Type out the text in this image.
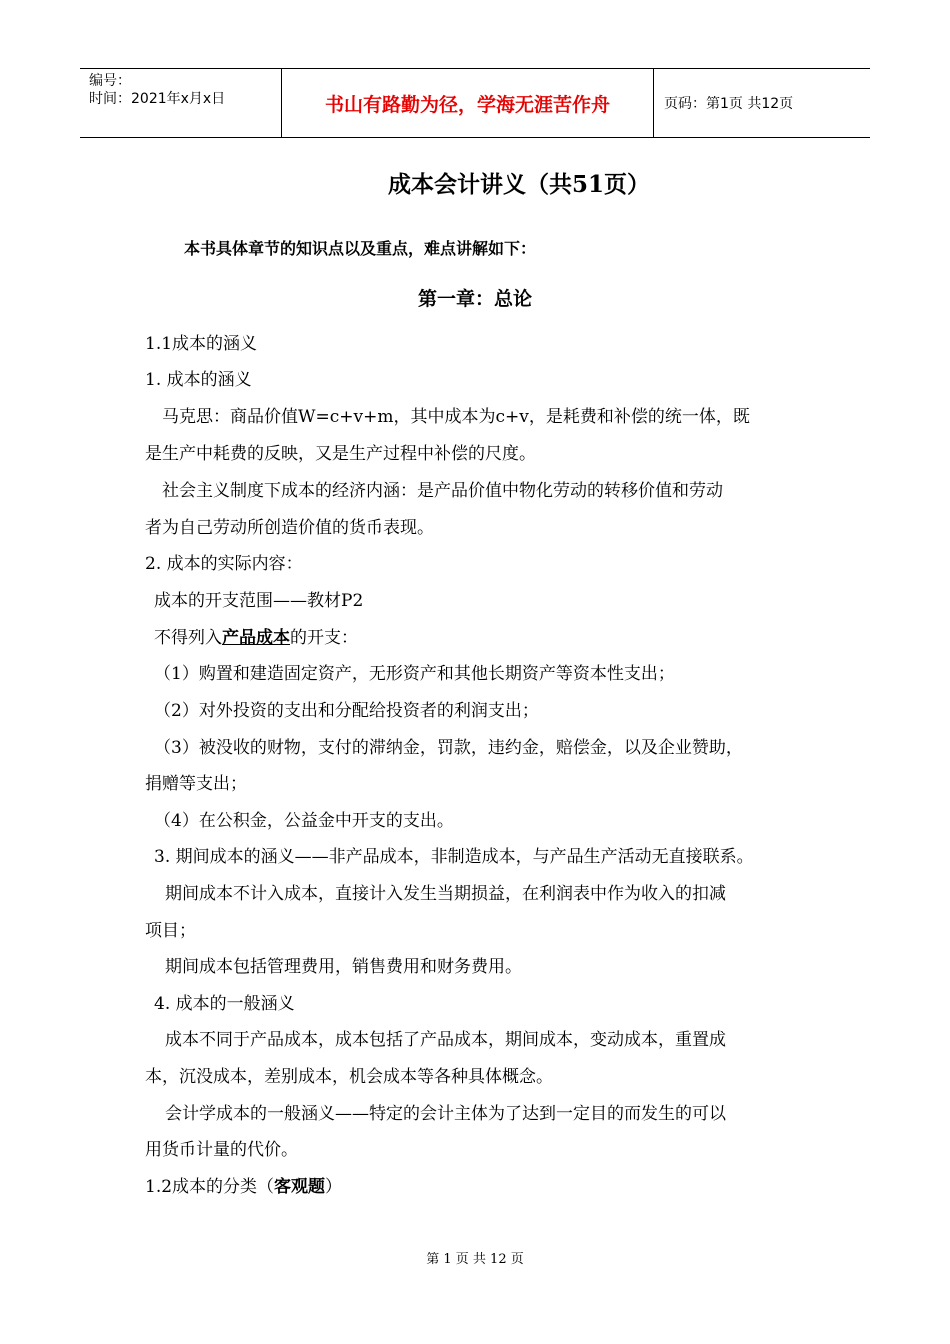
编号：
时间：2021年x月x日	书山有路勤为径，学海无涯苦作舟	页码：第1页 共12页
成本会计讲义（共51页）
本书具体章节的知识点以及重点，难点讲解如下：
第一章：总论
1.1成本的涵义
1. 成本的涵义
马克思：商品价值W=c+v+m，其中成本为c+v，是耗费和补偿的统一体，既
是生产中耗费的反映，又是生产过程中补偿的尺度。
社会主义制度下成本的经济内涵：是产品价值中物化劳动的转移价值和劳动
者为自己劳动所创造价值的货币表现。
2. 成本的实际内容：
成本的开支范围——教材P2
不得列入产品成本的开支：
（1）购置和建造固定资产，无形资产和其他长期资产等资本性支出；
（2）对外投资的支出和分配给投资者的利润支出；
（3）被没收的财物，支付的滞纳金，罚款，违约金，赔偿金，以及企业赞助，
捐赠等支出；
（4）在公积金，公益金中开支的支出。
3. 期间成本的涵义——非产品成本，非制造成本，与产品生产活动无直接联系。
期间成本不计入成本，直接计入发生当期损益，在利润表中作为收入的扣减
项目；
期间成本包括管理费用，销售费用和财务费用。
4. 成本的一般涵义
成本不同于产品成本，成本包括了产品成本，期间成本，变动成本，重置成
本，沉没成本，差别成本，机会成本等各种具体概念。
会计学成本的一般涵义——特定的会计主体为了达到一定目的而发生的可以
用货币计量的代价。
1.2成本的分类（客观题）
第 1 页 共 12 页
